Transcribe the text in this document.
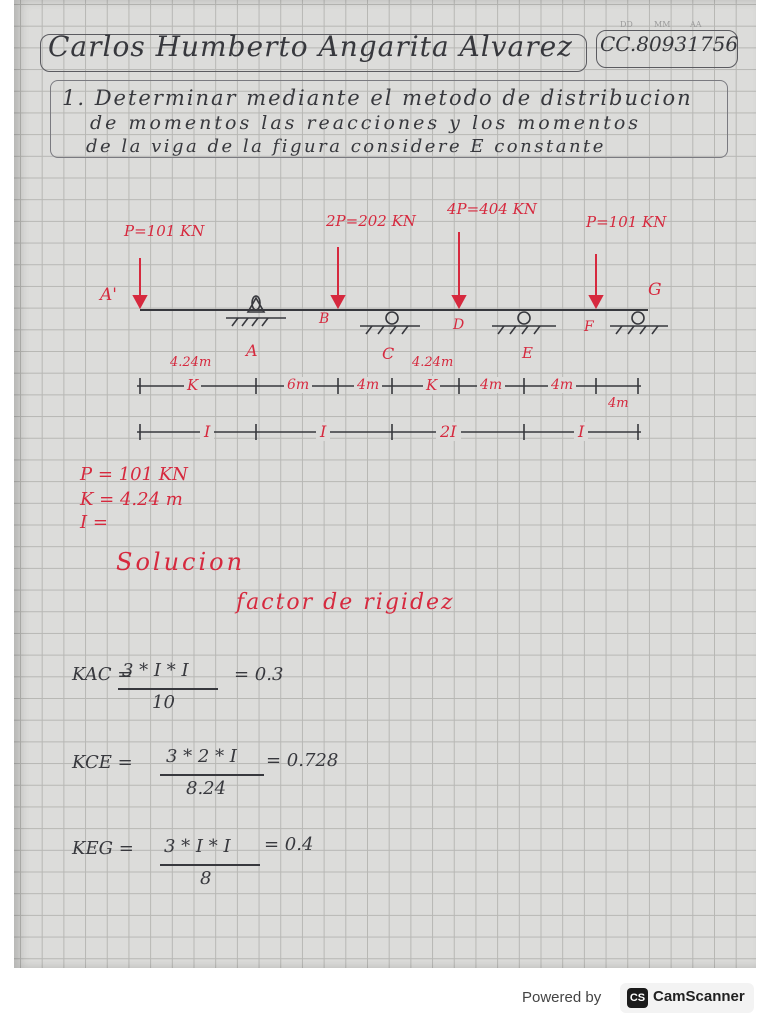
Carlos Humberto Angarita Alvarez CC.80931756
DD	MM AA
1. Determinar mediante el metodo de distribucion
de momentos las reacciones y los momentos
de la viga de la figura considere E constante
P=101 KN
2P=202 KN
4P=404 KN
P=101 KN
A'
A
B
C
D
E
F
G
4.24m	4.24m
K	6m	4m	K	4m	4m
4m
I	I	2I	I
P = 101 KN
K = 4.24 m
I =
Solucion
factor de rigidez
KAC =
3 * I * I
10
= 0.3
KCE = 3 * 2 * I
8.24
= 0.728
KEG = 3 * I * I
8
= 0.4
Powered by	CS CamScanner
